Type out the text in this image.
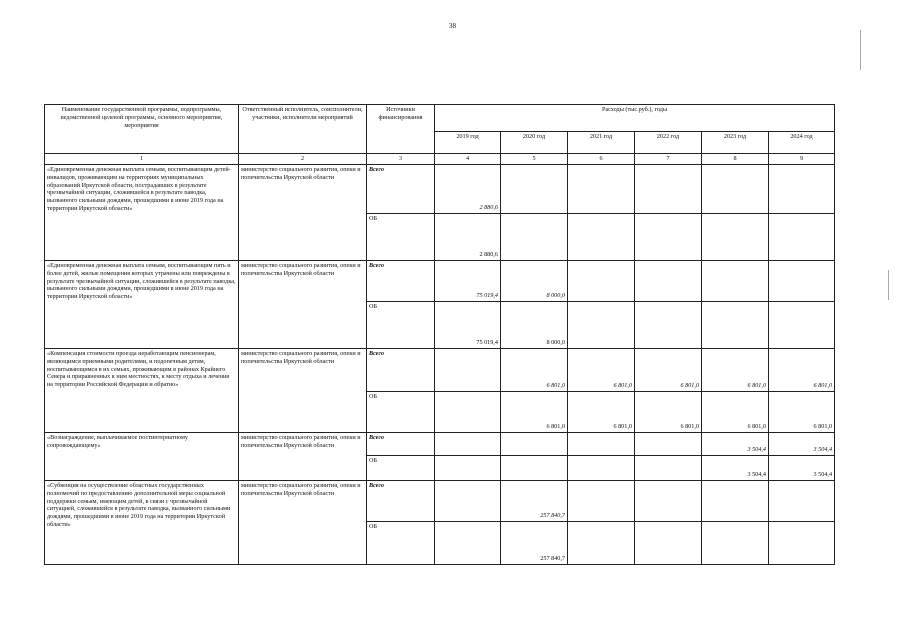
38
Наименование государственной программы, подпрограммы, ведомственной целевой программы, основного мероприятия, мероприятия	Ответственный исполнитель, соисполнители, участники, исполнители мероприятий	Источники финансирования	Расходы (тыс.руб.), годы					
			2019 год	2020 год	2021 год	2022 год	2023 год	2024 год
1	2	3	4	5	6	7	8	9
«Единовременная денежная выплата семьям, воспитывающим детей-инвалидов, проживающим на территориях муниципальных образований Иркутской области, пострадавших в результате чрезвычайной ситуации, сложившейся в результате паводка, вызванного сильными дождями, прошедшими в июне 2019 года на территории Иркутской области»	министерство социального развития, опеки и попечительства Иркутской области	Всего	2 880,6					
		ОБ	2 880,6					
«Единовременная денежная выплата семьям, воспитывающим пять и более детей, жилые помещения которых утрачены или повреждены в результате чрезвычайной ситуации, сложившейся в результате паводка, вызванного сильными дождями, прошедшими в июне 2019 года на территории Иркутской области»	министерство социального развития, опеки и попечительства Иркутской области	Всего	75 019,4	8 000,0				
		ОБ	75 019,4	8 000,0				
«Компенсация стоимости проезда неработающим пенсионерам, являющимся приемными родителями, и подопечным детям, воспитывающимся в их семьях, проживающим в районах Крайнего Севера и приравненных к ним местностях, к месту отдыха и лечения на территории Российской Федерации и обратно»	министерство социального развития, опеки и попечительства Иркутской области	Всего		6 801,0	6 801,0	6 801,0	6 801,0	6 801,0
		ОБ		6 801,0	6 801,0	6 801,0	6 801,0	6 801,0
«Вознаграждение, выплачиваемое постинтернатному сопровождающему»	министерство социального развития, опеки и попечительства Иркутской области	Всего					3 504,4	3 504,4
		ОБ					3 504,4	3 504,4
«Субвенция на осуществление областных государственных полномочий по предоставлению дополнительной меры социальной поддержки семьям, имеющим детей, в связи с чрезвычайной ситуацией, сложившейся в результате паводка, вызванного сильными дождями, прошедшими в июне 2019 года на территории Иркутской области»	министерство социального развития, опеки и попечительства Иркутской области	Всего		257 840,7				
		ОБ		257 840,7				
